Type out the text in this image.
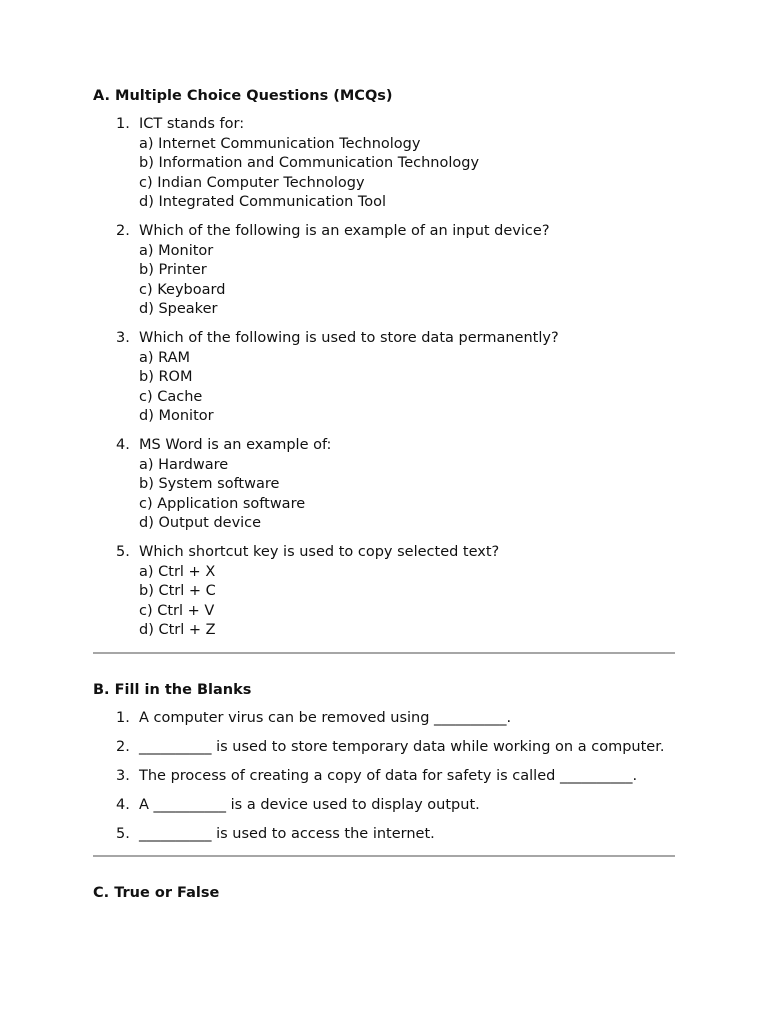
A. Multiple Choice Questions (MCQs)
1. ICT stands for:
a) Internet Communication Technology
b) Information and Communication Technology
c) Indian Computer Technology
d) Integrated Communication Tool
2. Which of the following is an example of an input device?
a) Monitor
b) Printer
c) Keyboard
d) Speaker
3. Which of the following is used to store data permanently?
a) RAM
b) ROM
c) Cache
d) Monitor
4. MS Word is an example of:
a) Hardware
b) System software
c) Application software
d) Output device
5. Which shortcut key is used to copy selected text?
a) Ctrl + X
b) Ctrl + C
c) Ctrl + V
d) Ctrl + Z
B. Fill in the Blanks
1. A computer virus can be removed using __________.
2. __________ is used to store temporary data while working on a computer.
3. The process of creating a copy of data for safety is called __________.
4. A __________ is a device used to display output.
5. __________ is used to access the internet.
C. True or False
